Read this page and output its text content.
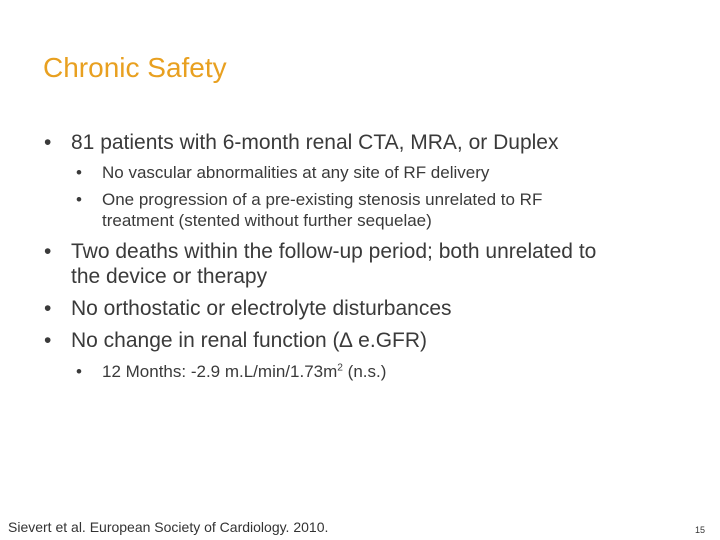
Chronic Safety
• 81 patients with 6-month renal CTA, MRA, or Duplex
• No vascular abnormalities at any site of RF delivery
• One progression of a pre-existing stenosis unrelated to RF
treatment (stented without further sequelae)
• Two deaths within the follow-up period; both unrelated to
the device or therapy
• No orthostatic or electrolyte disturbances
• No change in renal function (∆ e.GFR)
• 12 Months: -2.9 $m.L/\min/1.73m^2$ (n.s.)
Sievert et al. European Society of Cardiology. 2010.	15
